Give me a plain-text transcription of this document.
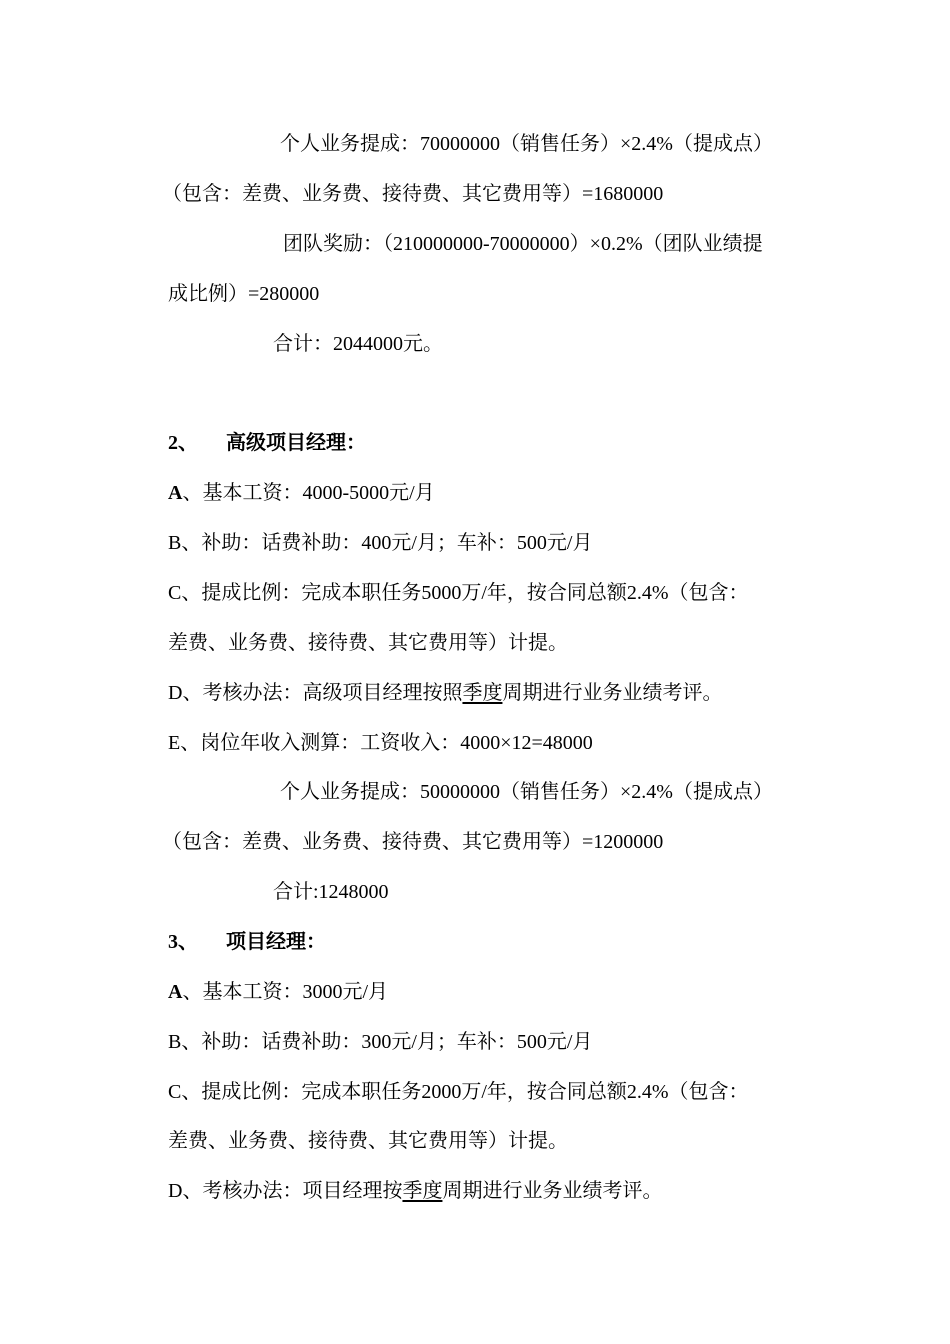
个人业务提成：70000000（销售任务）×2.4%（提成点）
（包含：差费、业务费、接待费、其它费用等）=1680000
团队奖励：（210000000-70000000）×0.2%（团队业绩提
成比例）=280000
合计：2044000元。
2、 高级项目经理：
A、基本工资：4000-5000元/月
B、补助：话费补助：400元/月；车补：500元/月
C、提成比例：完成本职任务5000万/年，按合同总额2.4%（包含：
差费、业务费、接待费、其它费用等）计提。
D、考核办法：高级项目经理按照季度周期进行业务业绩考评。
E、岗位年收入测算：工资收入：4000×12=48000
个人业务提成：50000000（销售任务）×2.4%（提成点）
（包含：差费、业务费、接待费、其它费用等）=1200000
合计:1248000
3、 项目经理：
A、基本工资：3000元/月
B、补助：话费补助：300元/月；车补：500元/月
C、提成比例：完成本职任务2000万/年，按合同总额2.4%（包含：
差费、业务费、接待费、其它费用等）计提。
D、考核办法：项目经理按季度周期进行业务业绩考评。
